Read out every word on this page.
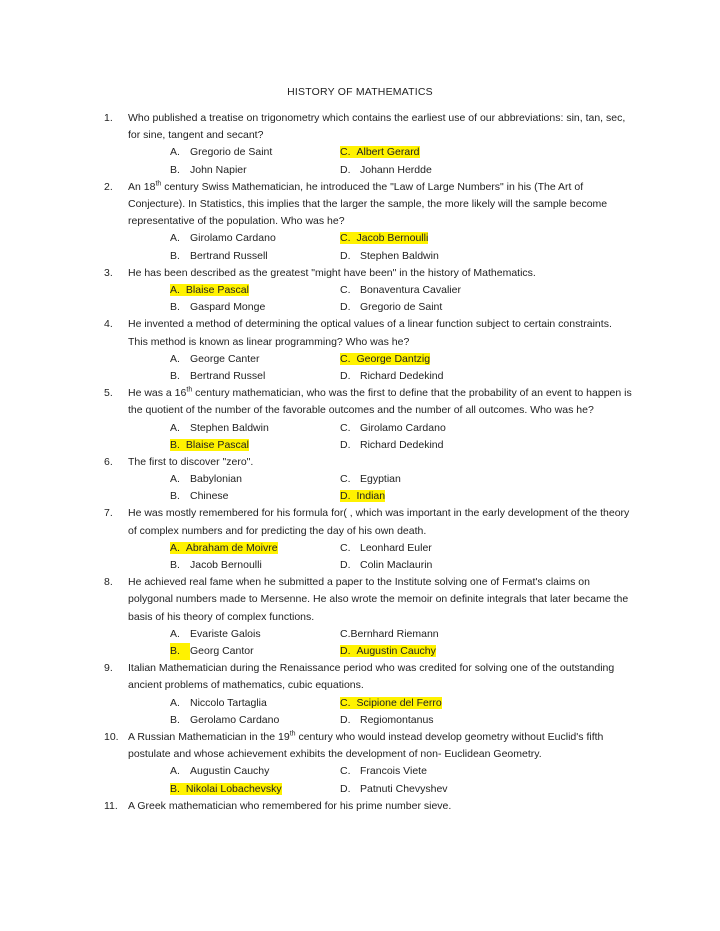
HISTORY OF MATHEMATICS
1.	Who published a treatise on trigonometry which contains the earliest use of our abbreviations: sin, tan, sec, for sine, tangent and secant?
A. Gregorio de Saint	C. Albert Gerard
B. John Napier	D. Johann Herdde
2.	An 18th century Swiss Mathematician, he introduced the "Law of Large Numbers" in his (The Art of Conjecture). In Statistics, this implies that the larger the sample, the more likely will the sample become representative of the population. Who was he?
A. Girolamo Cardano	C. Jacob Bernoulli
B. Bertrand Russell	D. Stephen Baldwin
3.	He has been described as the greatest "might have been" in the history of Mathematics.
A. Blaise Pascal	C. Bonaventura Cavalier
B. Gaspard Monge	D. Gregorio de Saint
4.	He invented a method of determining the optical values of a linear function subject to certain constraints. This method is known as linear programming? Who was he?
A. George Canter	C. George Dantzig
B. Bertrand Russel	D. Richard Dedekind
5.	He was a 16th century mathematician, who was the first to define that the probability of an event to happen is the quotient of the number of the favorable outcomes and the number of all outcomes. Who was he?
A. Stephen Baldwin	C. Girolamo Cardano
B. Blaise Pascal	D. Richard Dedekind
6.	The first to discover "zero".
A. Babylonian	C. Egyptian
B. Chinese	D. Indian
7.	He was mostly remembered for his formula for( , which was important in the early development of the theory of complex numbers and for predicting the day of his own death.
A. Abraham de Moivre	C. Leonhard Euler
B. Jacob Bernoulli	D. Colin Maclaurin
8.	He achieved real fame when he submitted a paper to the Institute solving one of Fermat's claims on polygonal numbers made to Mersenne. He also wrote the memoir on definite integrals that later became the basis of his theory of complex functions.
A. Evariste Galois	C.Bernhard Riemann
B. Georg Cantor	D. Augustin Cauchy
9.	Italian Mathematician during the Renaissance period who was credited for solving one of the outstanding ancient problems of mathematics, cubic equations.
A. Niccolo Tartaglia	C. Scipione del Ferro
B. Gerolamo Cardano	D. Regiomontanus
10. A Russian Mathematician in the 19th century who would instead develop geometry without Euclid's fifth postulate and whose achievement exhibits the development of non- Euclidean Geometry.
A. Augustin Cauchy	C. Francois Viete
B. Nikolai Lobachevsky	D. Patnuti Chevyshev
11. A Greek mathematician who remembered for his prime number sieve.
